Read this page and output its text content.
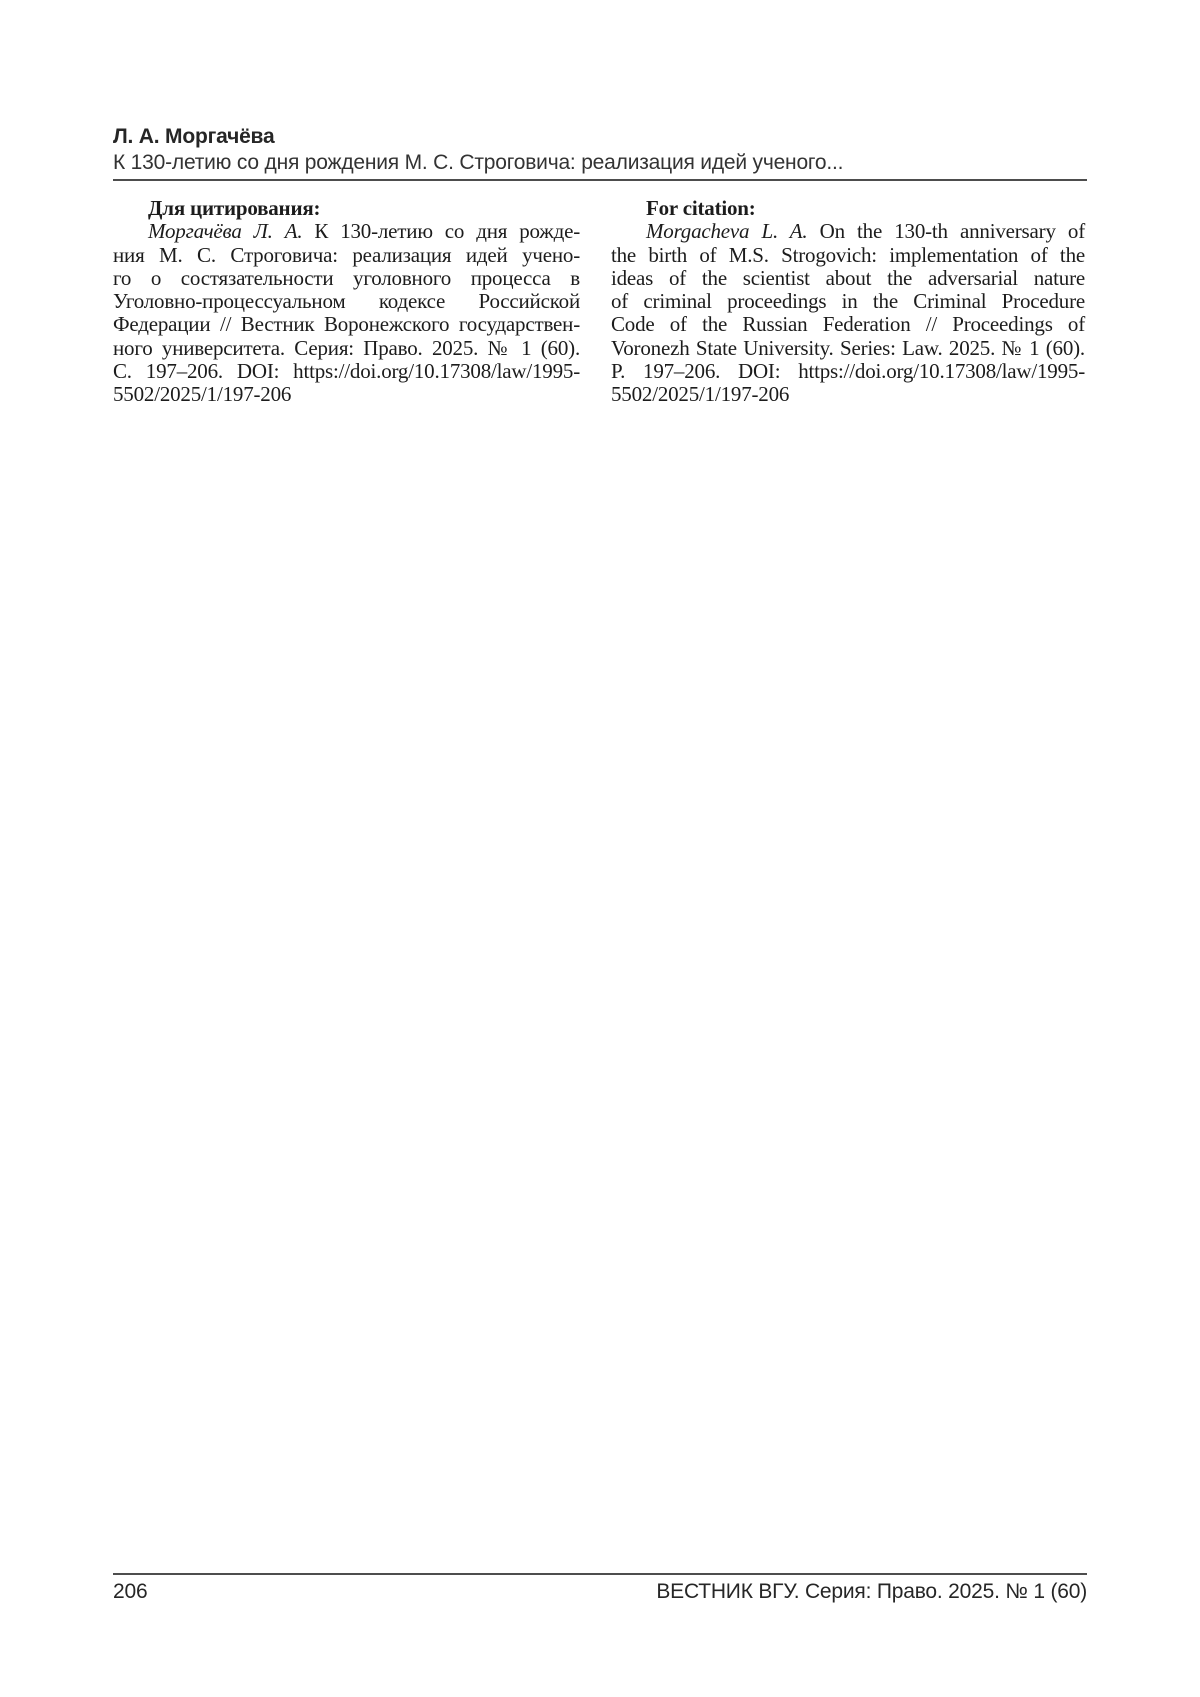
Л. А. Моргачёва
К 130-летию со дня рождения М. С. Строговича: реализация идей ученого...
Для цитирования:
Моргачёва Л. А. К 130-летию со дня рожде-
ния М. С. Строговича: реализация идей учено-
го о состязательности уголовного процесса в
Уголовно-процессуальном кодексе Российской
Федерации // Вестник Воронежского государствен-
ного университета. Серия: Право. 2025. № 1 (60).
С. 197–206. DOI: https://doi.org/10.17308/law/1995-
5502/2025/1/197-206
For citation:
Morgacheva L. A. On the 130-th anniversary of
the birth of M.S. Strogovich: implementation of the
ideas of the scientist about the adversarial nature
of criminal proceedings in the Criminal Procedure
Code of the Russian Federation // Proceedings of
Voronezh State University. Series: Law. 2025. № 1 (60).
P. 197–206. DOI: https://doi.org/10.17308/law/1995-
5502/2025/1/197-206
206	ВЕСТНИК ВГУ. Серия: Право. 2025. № 1 (60)
